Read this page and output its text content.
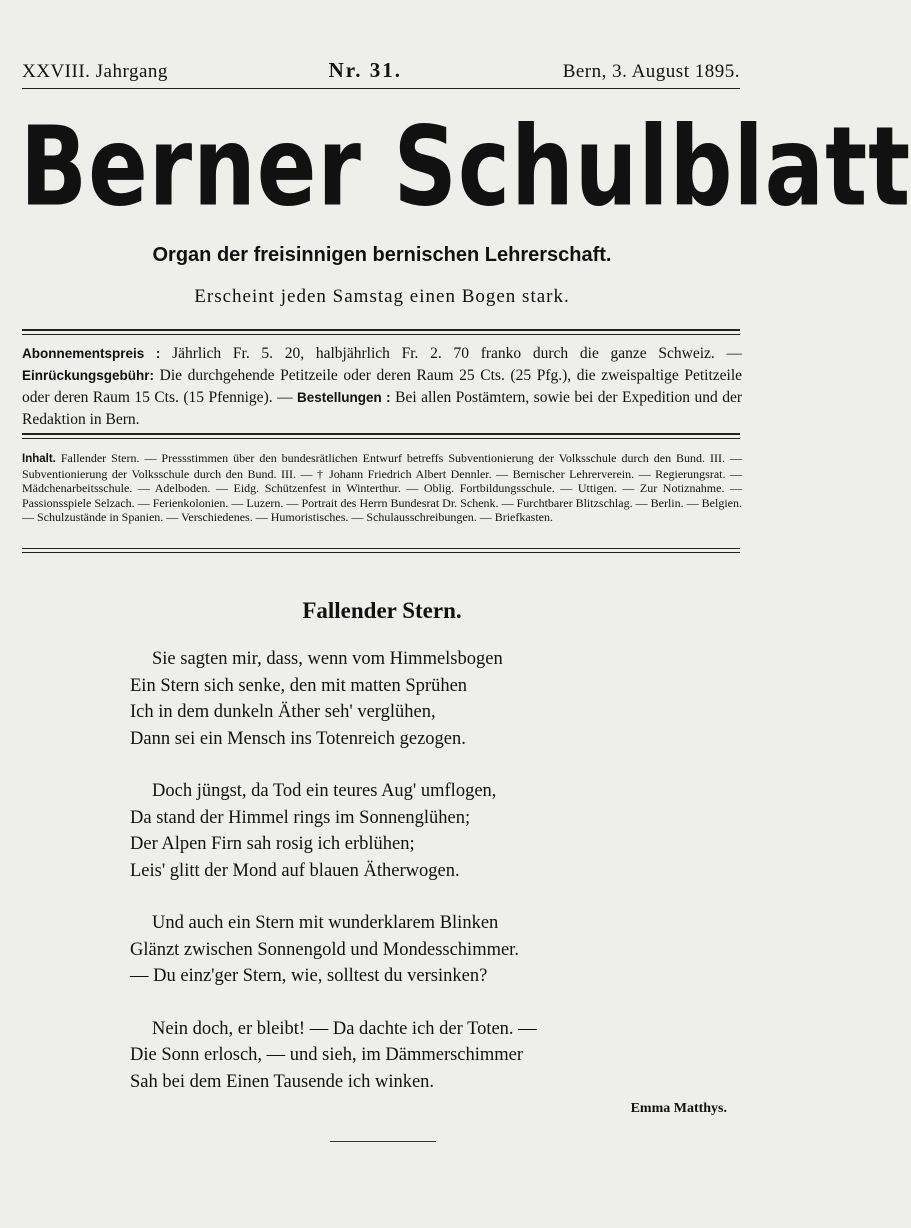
XXVIII. Jahrgang	Nr. 31.	Bern, 3. August 1895.
Berner Schulblatt
Organ der freisinnigen bernischen Lehrerschaft.
Erscheint jeden Samstag einen Bogen stark.
Abonnementspreis : Jährlich Fr. 5. 20, halbjährlich Fr. 2. 70 franko durch die ganze Schweiz. — Einrückungsgebühr: Die durchgehende Petitzeile oder deren Raum 25 Cts. (25 Pfg.), die zweispaltige Petitzeile oder deren Raum 15 Cts. (15 Pfennige). — Bestellungen : Bei allen Postämtern, sowie bei der Expedition und der Redaktion in Bern.
Inhalt. Fallender Stern. — Pressstimmen über den bundesrätlichen Entwurf betreffs Subventionierung der Volksschule durch den Bund. III. — Subventionierung der Volksschule durch den Bund. III. — † Johann Friedrich Albert Dennler. — Bernischer Lehrerverein. — Regierungsrat. — Mädchenarbeitsschule. — Adelboden. — Eidg. Schützenfest in Winterthur. — Oblig. Fortbildungsschule. — Uttigen. — Zur Notiznahme. — Passionsspiele Selzach. — Ferienkolonien. — Luzern. — Portrait des Herrn Bundesrat Dr. Schenk. — Furchtbarer Blitzschlag. — Berlin. — Belgien. — Schulzustände in Spanien. — Verschiedenes. — Humoristisches. — Schulausschreibungen. — Briefkasten.
Fallender Stern.
Sie sagten mir, dass, wenn vom Himmelsbogen
Ein Stern sich senke, den mit matten Sprühen
Ich in dem dunkeln Äther seh' verglühen,
Dann sei ein Mensch ins Totenreich gezogen.
Doch jüngst, da Tod ein teures Aug' umflogen,
Da stand der Himmel rings im Sonnenglühen;
Der Alpen Firn sah rosig ich erblühen;
Leis' glitt der Mond auf blauen Ätherwogen.
Und auch ein Stern mit wunderklarem Blinken
Glänzt zwischen Sonnengold und Mondesschimmer.
— Du einz'ger Stern, wie, solltest du versinken?
Nein doch, er bleibt! — Da dachte ich der Toten. —
Die Sonn erlosch, — und sieh, im Dämmerschimmer
Sah bei dem Einen Tausende ich winken.
Emma Matthys.
